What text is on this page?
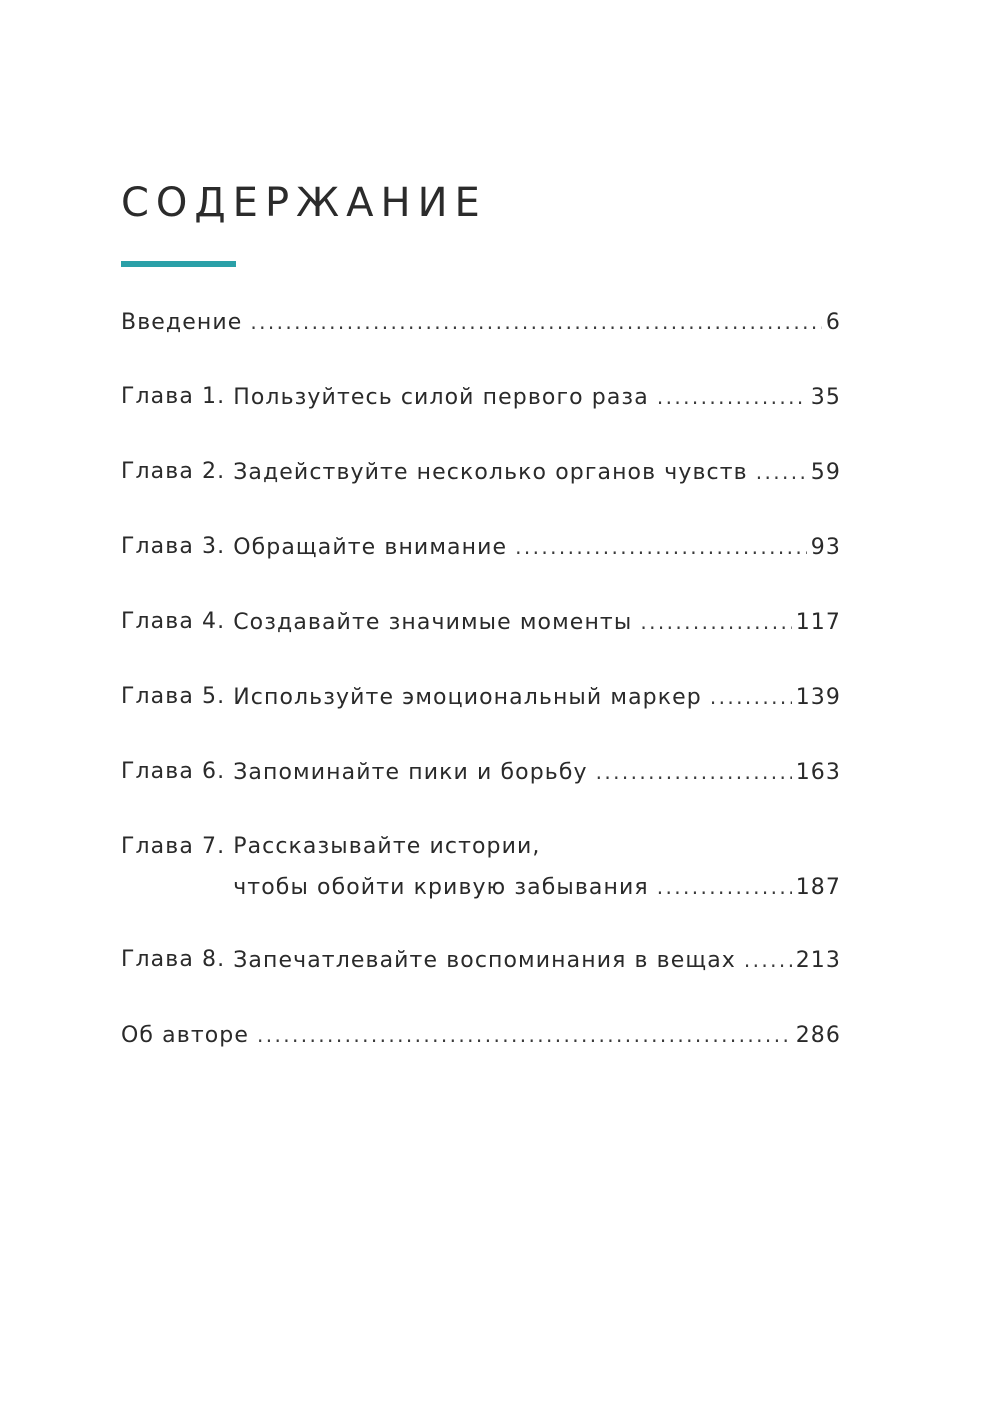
СОДЕРЖАНИЕ
Введение .....	6
Глава 1. Пользуйтесь силой первого раза .....	35
Глава 2. Задействуйте несколько органов чувств .....	59
Глава 3. Обращайте внимание .....	93
Глава 4. Создавайте значимые моменты .....	117
Глава 5. Используйте эмоциональный маркер .....	139
Глава 6. Запоминайте пики и борьбу .....	163
Глава 7. Рассказывайте истории,
чтобы обойти кривую забывания .....	187
Глава 8. Запечатлевайте воспоминания в вещах .....	213
Об авторе .....	286
